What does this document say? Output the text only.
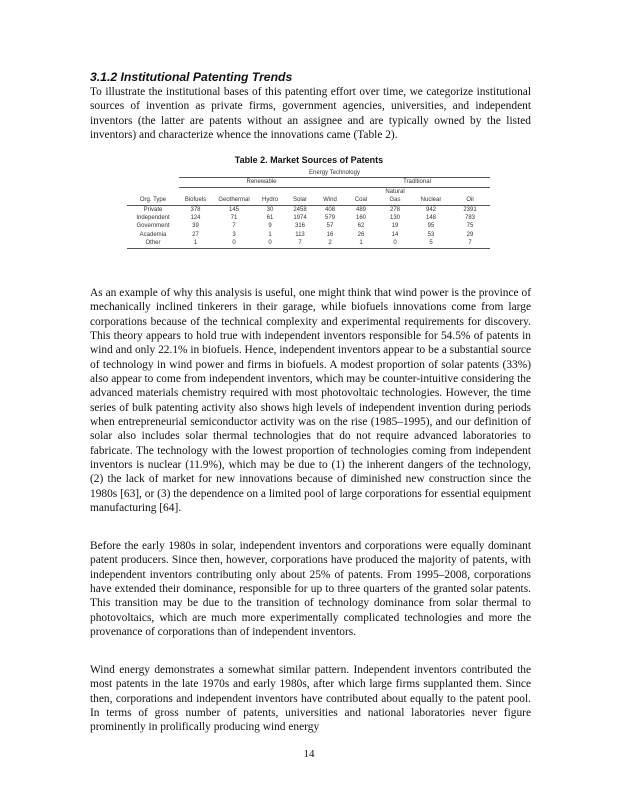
3.1.2 Institutional Patenting Trends

To illustrate the institutional bases of this patenting effort over time, we categorize institutional sources of invention as private firms, government agencies, universities, and independent inventors (the latter are patents without an assignee and are typically owned by the listed inventors) and characterize whence the innovations came (Table 2).

Table 2. Market Sources of Patents

	Energy Technology								
	Renewable					Traditional			
							Natural		
Org. Type	Biofuels	Geothermal	Hydro	Solar	Wind	Coal	Gas	Nuclear	Oil
Private	378	145	30	2458	408	489	278	942	2391
Independent	124	71	61	1974	579	160	130	148	783
Government	39	7	9	316	57	62	19	95	75
Academia	27	3	1	113	16	26	14	53	29
Other	1	0	0	7	2	1	0	5	7

As an example of why this analysis is useful, one might think that wind power is the province of mechanically inclined tinkerers in their garage, while biofuels innovations come from large corporations because of the technical complexity and experimental requirements for discovery. This theory appears to hold true with independent inventors responsible for 54.5% of patents in wind and only 22.1% in biofuels. Hence, independent inventors appear to be a substantial source of technology in wind power and firms in biofuels. A modest proportion of solar patents (33%) also appear to come from independent inventors, which may be counter-intuitive considering the advanced materials chemistry required with most photovoltaic technologies. However, the time series of bulk patenting activity also shows high levels of independent invention during periods when entrepreneurial semiconductor activity was on the rise (1985–1995), and our definition of solar also includes solar thermal technologies that do not require advanced laboratories to fabricate. The technology with the lowest proportion of technologies coming from independent inventors is nuclear (11.9%), which may be due to (1) the inherent dangers of the technology, (2) the lack of market for new innovations because of diminished new construction since the 1980s [63], or (3) the dependence on a limited pool of large corporations for essential equipment manufacturing [64].

Before the early 1980s in solar, independent inventors and corporations were equally dominant patent producers. Since then, however, corporations have produced the majority of patents, with independent inventors contributing only about 25% of patents. From 1995–2008, corporations have extended their dominance, responsible for up to three quarters of the granted solar patents. This transition may be due to the transition of technology dominance from solar thermal to photovoltaics, which are much more experimentally complicated technologies and more the provenance of corporations than of independent inventors.

Wind energy demonstrates a somewhat similar pattern. Independent inventors contributed the most patents in the late 1970s and early 1980s, after which large firms supplanted them. Since then, corporations and independent inventors have contributed about equally to the patent pool. In terms of gross number of patents, universities and national laboratories never figure prominently in prolifically producing wind energy

14
